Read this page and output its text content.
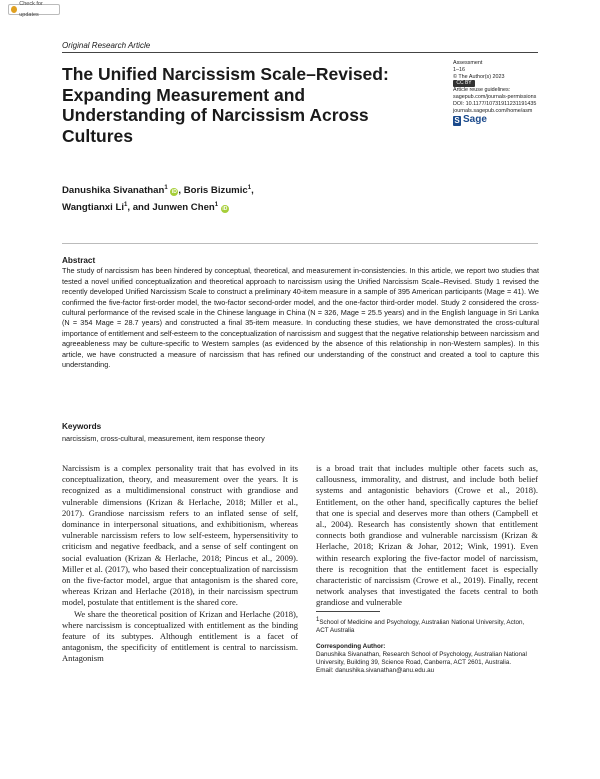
Check for updates
Original Research Article
The Unified Narcissism Scale–Revised: Expanding Measurement and Understanding of Narcissism Across Cultures
Assessment
1–16
© The Author(s) 2023
CC BY
Article reuse guidelines:
sagepub.com/journals-permissions
DOI: 10.1177/10731911231191435
journals.sagepub.com/home/asm
S Sage
Danushika Sivanathan$^1$ iD , Boris Bizumic$^1$,
Wangtianxi Li$^1$, and Junwen Chen$^1$ iD
Abstract
The study of narcissism has been hindered by conceptual, theoretical, and measurement in-consistencies. In this article, we report two studies that tested a novel unified conceptualization and theoretical approach to narcissism using the Unified Narcissism Scale–Revised. Study 1 revised the recently developed Unified Narcissism Scale to construct a preliminary 40-item measure in a sample of 395 American participants (Mage = 41). We confirmed the five-factor first-order model, the two-factor second-order model, and the one-factor third-order model. Study 2 considered the cross-cultural performance of the revised scale in the Chinese language in China (N = 326, Mage = 25.5 years) and in the English language in Sri Lanka (N = 354 Mage = 28.7 years) and constructed a final 35-item measure. In conducting these studies, we have demonstrated the cross-cultural importance of entitlement and self-esteem to the conceptualization of narcissism and suggest that the negative relationship between narcissism and agreeableness may be culture-specific to Western samples (as evidenced by the absence of this relationship in non-Western samples). In this article, we have constructed a measure of narcissism that has refined our understanding of the construct and created a tool to capture this understanding.
Keywords
narcissism, cross-cultural, measurement, item response theory

Narcissism is a complex personality trait that has evolved in its conceptualization, theory, and measurement over the years. It is recognized as a multidimensional construct with grandiose and vulnerable dimensions (Krizan & Herlache, 2018; Miller et al., 2017). Grandiose narcissism refers to an inflated sense of self, dominance in interpersonal situations, and exhibitionism, whereas vulnerable narcissism refers to low self-esteem, hypersensitivity to criticism and negative feedback, and a sense of self contingent on social evaluation (Krizan & Herlache, 2018; Pincus et al., 2009). Miller et al. (2017), who based their conceptualization of narcissism on the five-factor model, argue that antagonism is the shared core, whereas Krizan and Herlache (2018), in their narcissism spectrum model, postulate that entitlement is the shared core.

We share the theoretical position of Krizan and Herlache (2018), where narcissism is conceptualized with entitlement as the binding feature of its subtypes. Although entitlement is a facet of antagonism, the specificity of entitlement is central to narcissism. Antagonism

is a broad trait that includes multiple other facets such as, callousness, immorality, and distrust, and include both belief systems and antagonistic behaviors (Crowe et al., 2018). Entitlement, on the other hand, specifically captures the belief that one is special and deserves more than others (Campbell et al., 2004). Research has consistently shown that entitlement connects both grandiose and vulnerable narcissism (Krizan & Herlache, 2018; Krizan & Johar, 2012; Wink, 1991). Even within research exploring the five-factor model of narcissism, there is recognition that the entitlement facet is especially characteristic of narcissism (Crowe et al., 2019). Finally, recent network analyses that investigated the facets central to both grandiose and vulnerable

$^1$School of Medicine and Psychology, Australian National University, Acton, ACT Australia
Corresponding Author:
Danushika Sivanathan, Research School of Psychology, Australian National University, Building 39, Science Road, Canberra, ACT 2601, Australia.
Email: danushika.sivanathan@anu.edu.au
